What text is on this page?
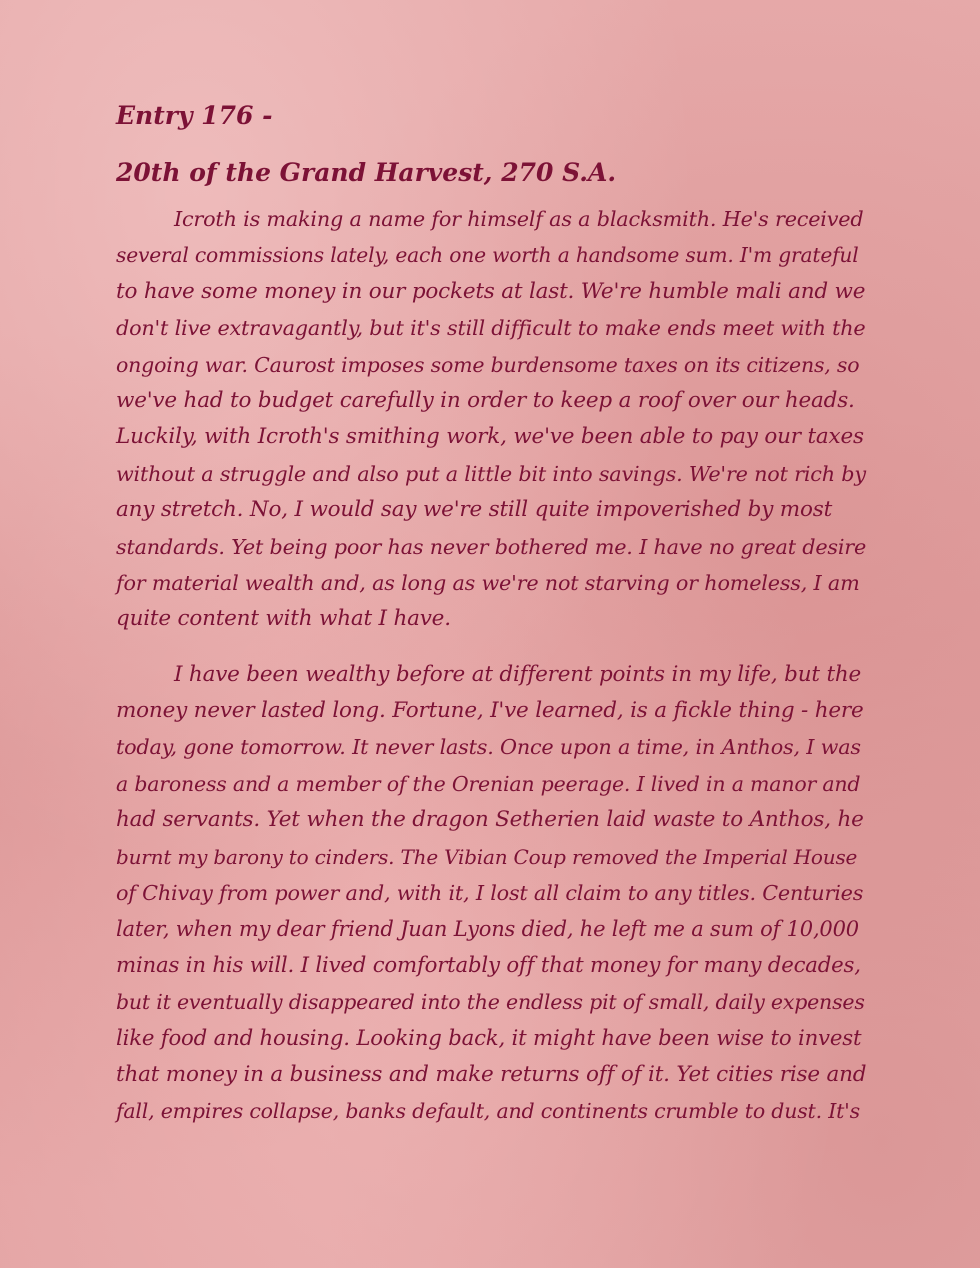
Entry 176 -
20th of the Grand Harvest, 270 S.A.

Icroth is making a name for himself as a blacksmith. He's received
several commissions lately, each one worth a handsome sum. I'm grateful
to have some money in our pockets at last. We're humble mali and we
don't live extravagantly, but it's still difficult to make ends meet with the
ongoing war. Caurost imposes some burdensome taxes on its citizens, so
we've had to budget carefully in order to keep a roof over our heads.
Luckily, with Icroth's smithing work, we've been able to pay our taxes
without a struggle and also put a little bit into savings. We're not rich by
any stretch. No, I would say we're still quite impoverished by most
standards. Yet being poor has never bothered me. I have no great desire
for material wealth and, as long as we're not starving or homeless, I am
quite content with what I have.

I have been wealthy before at different points in my life, but the
money never lasted long. Fortune, I've learned, is a fickle thing - here
today, gone tomorrow. It never lasts. Once upon a time, in Anthos, I was
a baroness and a member of the Orenian peerage. I lived in a manor and
had servants. Yet when the dragon Setherien laid waste to Anthos, he
burnt my barony to cinders. The Vibian Coup removed the Imperial House
of Chivay from power and, with it, I lost all claim to any titles. Centuries
later, when my dear friend Juan Lyons died, he left me a sum of 10,000
minas in his will. I lived comfortably off that money for many decades,
but it eventually disappeared into the endless pit of small, daily expenses
like food and housing. Looking back, it might have been wise to invest
that money in a business and make returns off of it. Yet cities rise and
fall, empires collapse, banks default, and continents crumble to dust. It's
